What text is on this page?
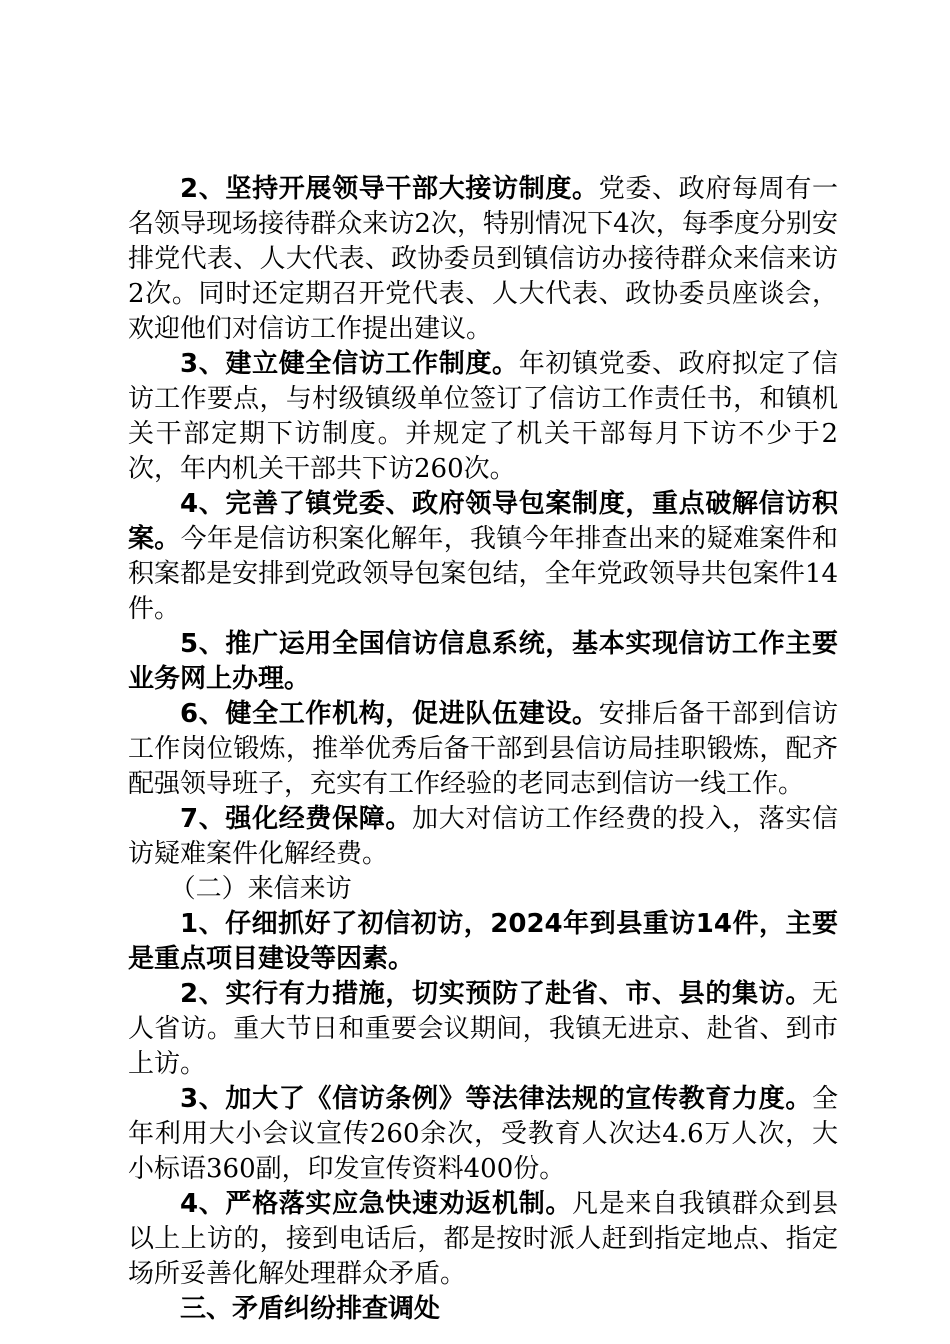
2、坚持开展领导干部大接访制度。党委、政府每周有一名领导现场接待群众来访2次，特别情况下4次，每季度分别安排党代表、人大代表、政协委员到镇信访办接待群众来信来访2次。同时还定期召开党代表、人大代表、政协委员座谈会，欢迎他们对信访工作提出建议。

3、建立健全信访工作制度。年初镇党委、政府拟定了信访工作要点，与村级镇级单位签订了信访工作责任书，和镇机关干部定期下访制度。并规定了机关干部每月下访不少于2次，年内机关干部共下访260次。

4、完善了镇党委、政府领导包案制度，重点破解信访积案。今年是信访积案化解年，我镇今年排查出来的疑难案件和积案都是安排到党政领导包案包结，全年党政领导共包案件14件。

5、推广运用全国信访信息系统，基本实现信访工作主要业务网上办理。

6、健全工作机构，促进队伍建设。安排后备干部到信访工作岗位锻炼，推举优秀后备干部到县信访局挂职锻炼，配齐配强领导班子，充实有工作经验的老同志到信访一线工作。

7、强化经费保障。加大对信访工作经费的投入，落实信访疑难案件化解经费。

（二）来信来访

1、仔细抓好了初信初访，2024年到县重访14件，主要是重点项目建设等因素。

2、实行有力措施，切实预防了赴省、市、县的集访。无人省访。重大节日和重要会议期间，我镇无进京、赴省、到市上访。

3、加大了《信访条例》等法律法规的宣传教育力度。全年利用大小会议宣传260余次，受教育人次达4.6万人次，大小标语360副，印发宣传资料400份。

4、严格落实应急快速劝返机制。凡是来自我镇群众到县以上上访的，接到电话后，都是按时派人赶到指定地点、指定场所妥善化解处理群众矛盾。

三、矛盾纠纷排查调处
